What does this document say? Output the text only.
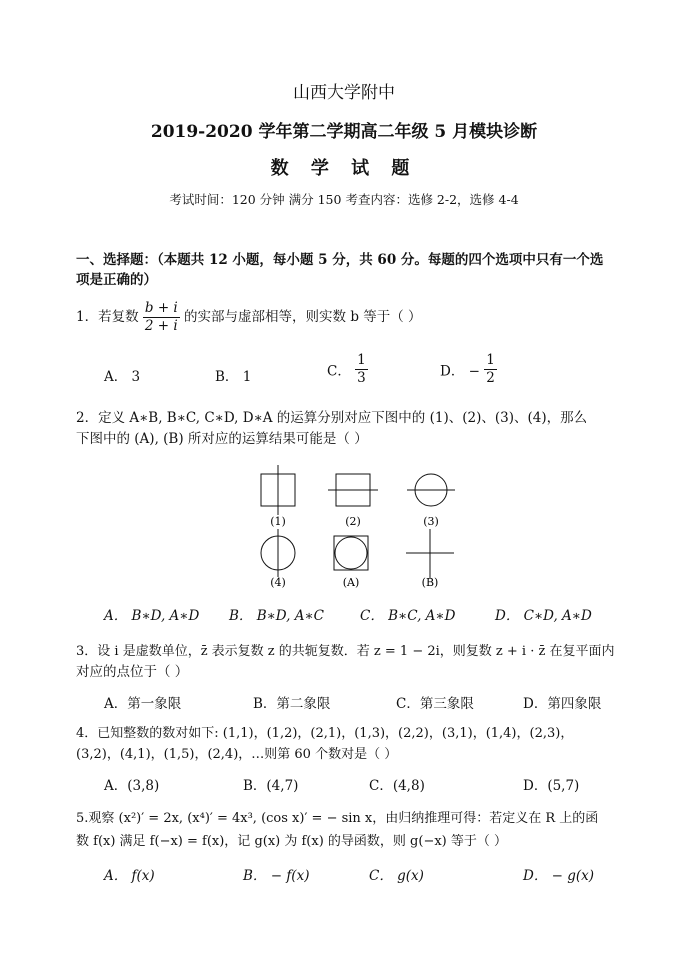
山西大学附中
2019-2020 学年第二学期高二年级 5 月模块诊断
数 学 试 题
考试时间：120 分钟 满分 150 考查内容：选修 2-2，选修 4-4
一、选择题：（本题共 12 小题，每小题 5 分，共 60 分。每题的四个选项中只有一个选
项是正确的）
1．若复数 $\frac{b + i}{2 + i}$ 的实部与虚部相等，则实数 b 等于（ ）
A． 3	B． 1	C． $\frac{1}{3}$	D． − $\frac{1}{2}$
2．定义 A∗B, B∗C, C∗D, D∗A 的运算分别对应下图中的 (1)、(2)、(3)、(4)，那么
下图中的 (A), (B) 所对应的运算结果可能是（ ）
(1)	(2)	(3)
(4)	(A)	(B)
A． B∗D, A∗D B． B∗D, A∗C	C． B∗C, A∗D	D． C∗D, A∗D
3．设 i 是虚数单位，z̄ 表示复数 z 的共轭复数．若 z = 1 − 2i，则复数 z + i · z̄ 在复平面内
对应的点位于（ ）
A．第一象限	B．第二象限	C．第三象限	D．第四象限
4．已知整数的数对如下: (1,1)，(1,2)，(2,1)，(1,3)，(2,2)，(3,1)，(1,4)，(2,3)，
(3,2)，(4,1)，(1,5)，(2,4)，…则第 60 个数对是（ ）
A．(3,8)	B．(4,7)	C．(4,8)	D．(5,7)
5.观察 (x²)′ = 2x, (x⁴)′ = 4x³, (cos x)′ = − sin x，由归纳推理可得：若定义在 R 上的函
数 f(x) 满足 f(−x) = f(x)，记 g(x) 为 f(x) 的导函数，则 g(−x) 等于（ ）
A． f(x)	B． − f(x)	C． g(x)	D． − g(x)
